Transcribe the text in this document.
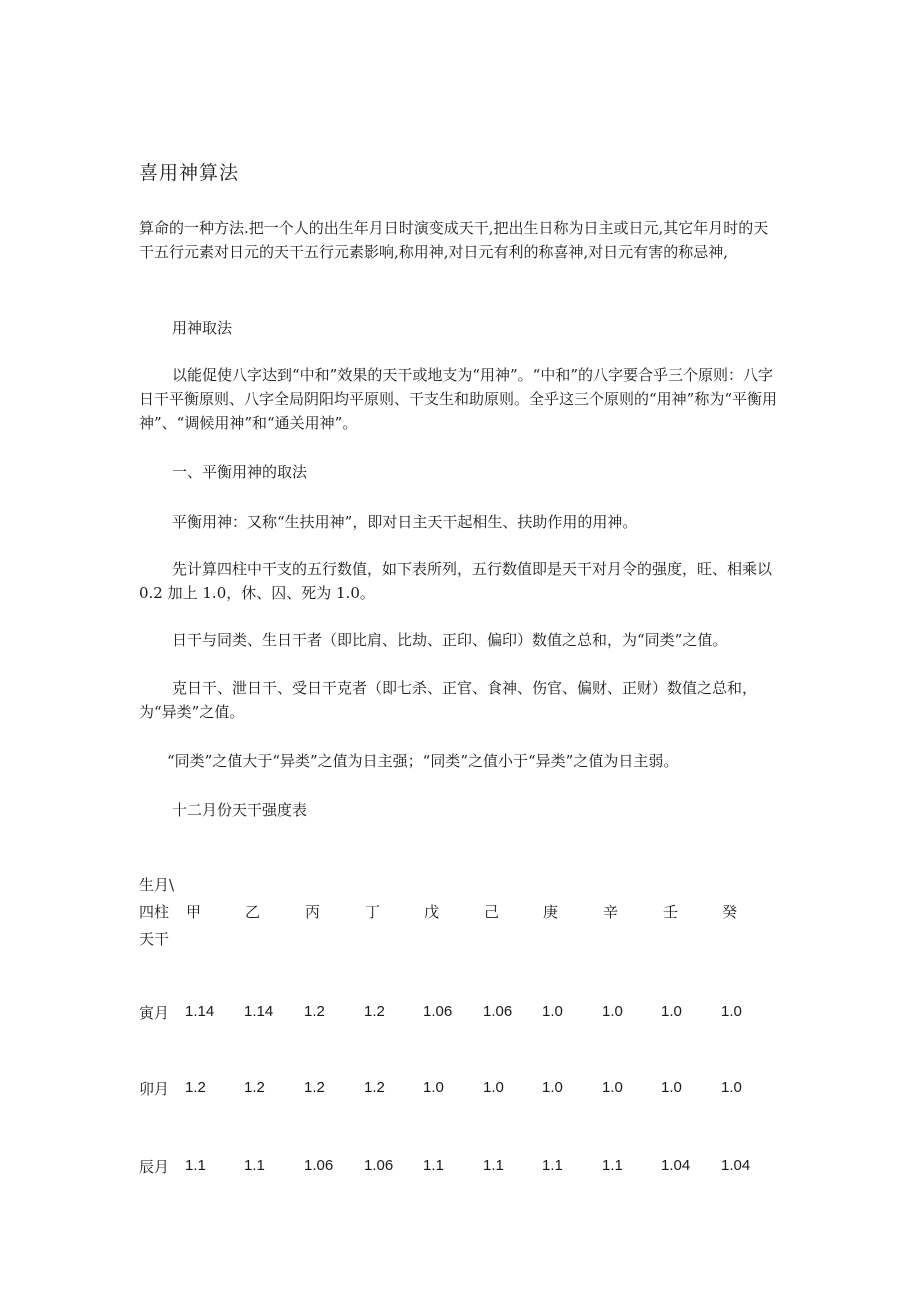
喜用神算法
算命的一种方法.把一个人的出生年月日时演变成天干,把出生日称为日主或日元,其它年月时的天干五行元素对日元的天干五行元素影响,称用神,对日元有利的称喜神,对日元有害的称忌神,
用神取法
以能促使八字达到“中和”效果的天干或地支为“用神”。“中和”的八字要合乎三个原则：八字日干平衡原则、八字全局阴阳均平原则、干支生和助原则。全乎这三个原则的“用神”称为“平衡用神”、“调候用神”和“通关用神”。
一、平衡用神的取法
平衡用神：又称“生扶用神”，即对日主天干起相生、扶助作用的用神。
先计算四柱中干支的五行数值，如下表所列，五行数值即是天干对月令的强度，旺、相乘以 0.2 加上 1.0，休、囚、死为 1.0。
日干与同类、生日干者（即比肩、比劫、正印、偏印）数值之总和，为“同类”之值。
克日干、泄日干、受日干克者（即七杀、正官、食神、伤官、偏财、正财）数值之总和，为“异类”之值。
“同类”之值大于“异类”之值为日主强；“同类”之值小于“异类”之值为日主弱。
十二月份天干强度表
生月\
四柱
天干
甲	乙	丙	丁	戊	己	庚	辛	壬	癸
寅月 1.14 1.14 1.2	1.2	1.06 1.06 1.0	1.0	1.0	1.0
卯月 1.2	1.2	1.2	1.2	1.0	1.0	1.0	1.0	1.0	1.0
辰月 1.1	1.1	1.06 1.06 1.1	1.1	1.1	1.1	1.04 1.04
